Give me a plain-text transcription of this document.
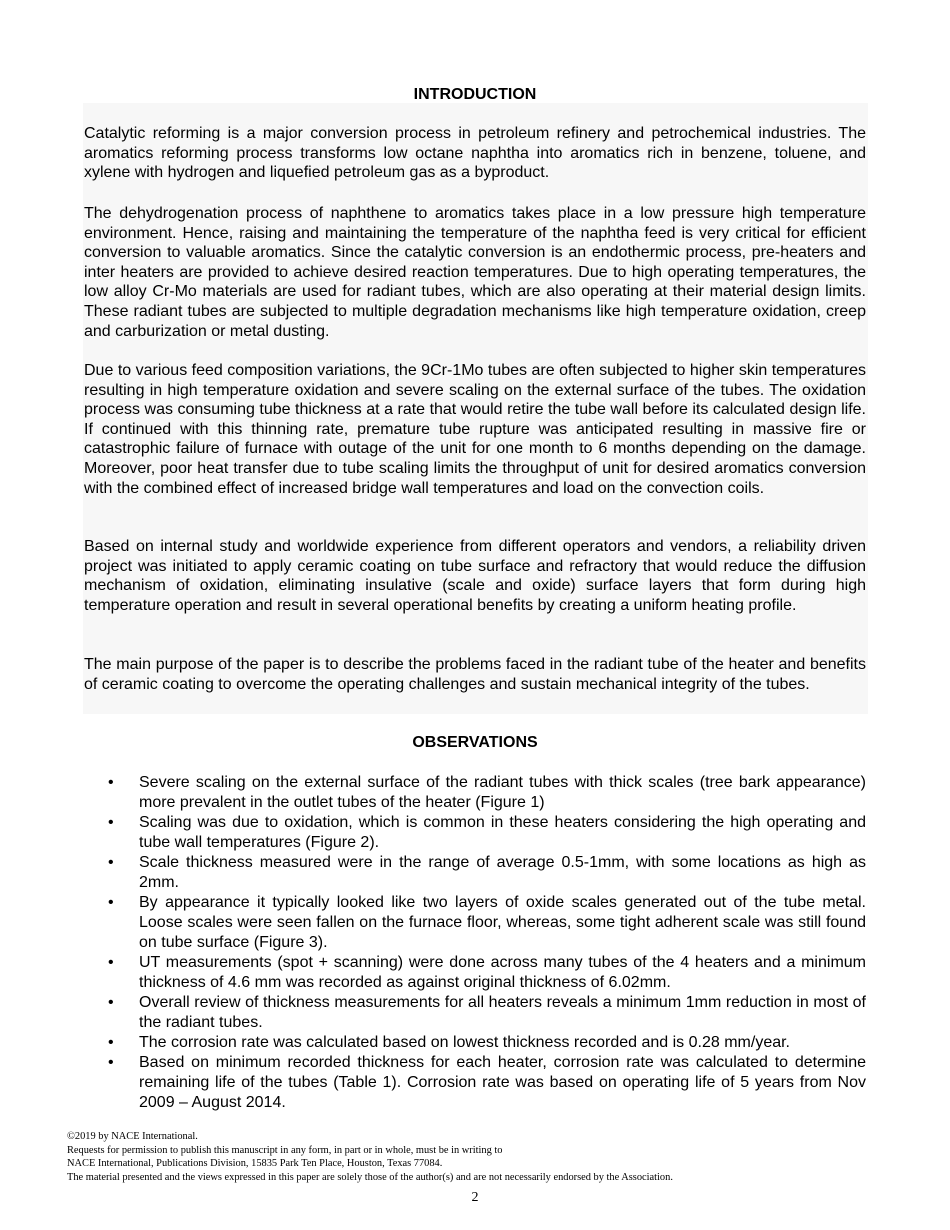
INTRODUCTION

Catalytic reforming is a major conversion process in petroleum refinery and petrochemical industries. The aromatics reforming process transforms low octane naphtha into aromatics rich in benzene, toluene, and xylene with hydrogen and liquefied petroleum gas as a byproduct.

The dehydrogenation process of naphthene to aromatics takes place in a low pressure high temperature environment. Hence, raising and maintaining the temperature of the naphtha feed is very critical for efficient conversion to valuable aromatics. Since the catalytic conversion is an endothermic process, pre-heaters and inter heaters are provided to achieve desired reaction temperatures. Due to high operating temperatures, the low alloy Cr-Mo materials are used for radiant tubes, which are also operating at their material design limits. These radiant tubes are subjected to multiple degradation mechanisms like high temperature oxidation, creep and carburization or metal dusting.

Due to various feed composition variations, the 9Cr-1Mo tubes are often subjected to higher skin temperatures resulting in high temperature oxidation and severe scaling on the external surface of the tubes. The oxidation process was consuming tube thickness at a rate that would retire the tube wall before its calculated design life. If continued with this thinning rate, premature tube rupture was anticipated resulting in massive fire or catastrophic failure of furnace with outage of the unit for one month to 6 months depending on the damage. Moreover, poor heat transfer due to tube scaling limits the throughput of unit for desired aromatics conversion with the combined effect of increased bridge wall temperatures and load on the convection coils.

Based on internal study and worldwide experience from different operators and vendors, a reliability driven project was initiated to apply ceramic coating on tube surface and refractory that would reduce the diffusion mechanism of oxidation, eliminating insulative (scale and oxide) surface layers that form during high temperature operation and result in several operational benefits by creating a uniform heating profile.

The main purpose of the paper is to describe the problems faced in the radiant tube of the heater and benefits of ceramic coating to overcome the operating challenges and sustain mechanical integrity of the tubes.

OBSERVATIONS
• Severe scaling on the external surface of the radiant tubes with thick scales (tree bark appearance) more prevalent in the outlet tubes of the heater (Figure 1)
• Scaling was due to oxidation, which is common in these heaters considering the high operating and tube wall temperatures (Figure 2).
• Scale thickness measured were in the range of average 0.5-1mm, with some locations as high as 2mm.
• By appearance it typically looked like two layers of oxide scales generated out of the tube metal. Loose scales were seen fallen on the furnace floor, whereas, some tight adherent scale was still found on tube surface (Figure 3).
• UT measurements (spot + scanning) were done across many tubes of the 4 heaters and a minimum thickness of 4.6 mm was recorded as against original thickness of 6.02mm.
• Overall review of thickness measurements for all heaters reveals a minimum 1mm reduction in most of the radiant tubes.
• The corrosion rate was calculated based on lowest thickness recorded and is 0.28 mm/year.
• Based on minimum recorded thickness for each heater, corrosion rate was calculated to determine remaining life of the tubes (Table 1). Corrosion rate was based on operating life of 5 years from Nov 2009 – August 2014.
©2019 by NACE International.
Requests for permission to publish this manuscript in any form, in part or in whole, must be in writing to
NACE International, Publications Division, 15835 Park Ten Place, Houston, Texas 77084.
The material presented and the views expressed in this paper are solely those of the author(s) and are not necessarily endorsed by the Association.
2
